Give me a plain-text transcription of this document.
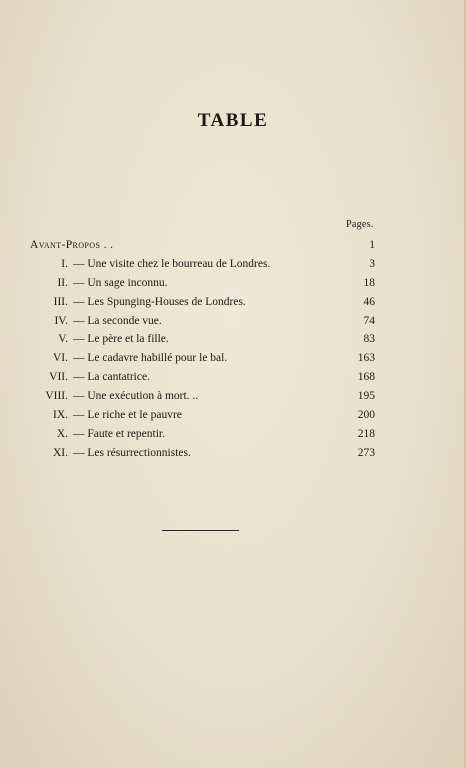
TABLE
Pages.
Avant-Propos . .	1
I. — Une visite chez le bourreau de Londres.	3
II. — Un sage inconnu.	18
III. — Les Spunging-Houses de Londres.	46
IV. — La seconde vue.	74
V. — Le père et la fille.	83
VI. — Le cadavre habillé pour le bal.	163
VII. — La cantatrice.	168
VIII. — Une exécution à mort. ..	195
IX. — Le riche et le pauvre	200
X. — Faute et repentir.	218
XI. — Les résurrectionnistes.	273
